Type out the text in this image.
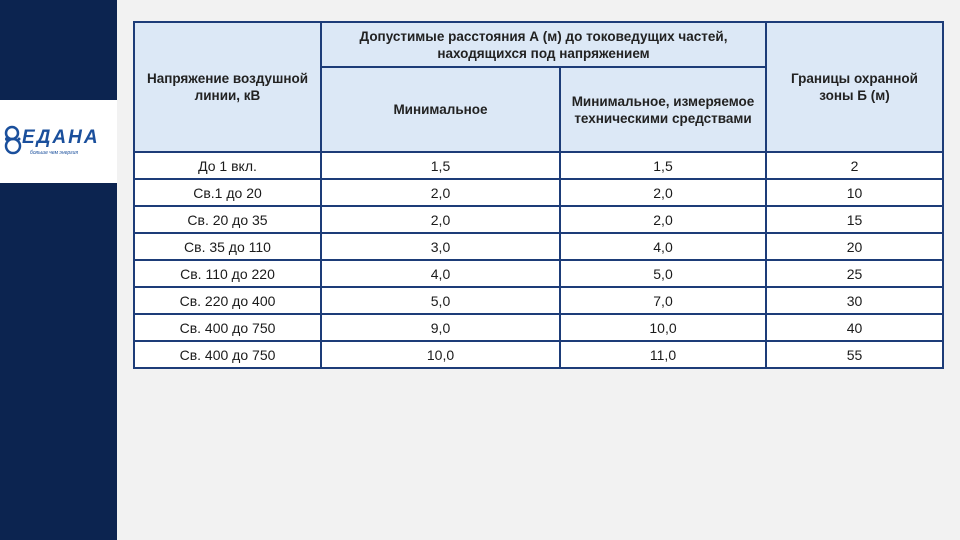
ЕДАНА
больше чем энергия
Напряжение воздушной линии, кВ	Допустимые расстояния А (м) до токоведущих частей, находящихся под напряжением		Границы охранной зоны Б (м)
	Минимальное	Минимальное, измеряемое техническими средствами	
До 1 вкл.	1,5	1,5	2
Св.1 до 20	2,0	2,0	10
Св. 20 до 35	2,0	2,0	15
Св. 35 до 110	3,0	4,0	20
Св. 110 до 220	4,0	5,0	25
Св. 220 до 400	5,0	7,0	30
Св. 400 до 750	9,0	10,0	40
Св. 400 до 750	10,0	11,0	55
